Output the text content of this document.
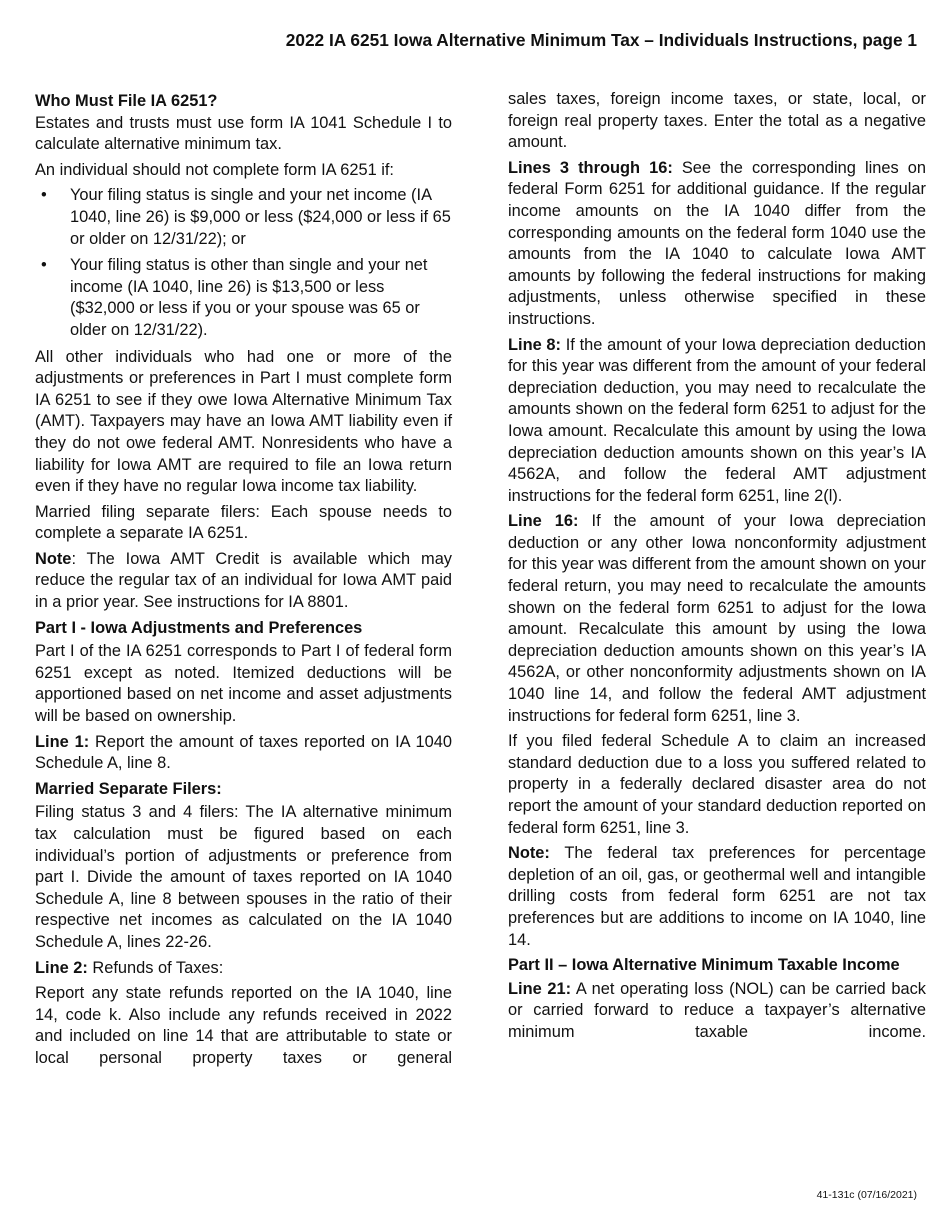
2022 IA 6251 Iowa Alternative Minimum Tax – Individuals Instructions, page 1
Who Must File IA 6251?

Estates and trusts must use form IA 1041 Schedule I to calculate alternative minimum tax.

An individual should not complete form IA 6251 if:

• Your filing status is single and your net income (IA 1040, line 26) is $9,000 or less ($24,000 or less if 65 or older on 12/31/22); or
• Your filing status is other than single and your net income (IA 1040, line 26) is $13,500 or less ($32,000 or less if you or your spouse was 65 or older on 12/31/22).

All other individuals who had one or more of the adjustments or preferences in Part I must complete form IA 6251 to see if they owe Iowa Alternative Minimum Tax (AMT). Taxpayers may have an Iowa AMT liability even if they do not owe federal AMT. Nonresidents who have a liability for Iowa AMT are required to file an Iowa return even if they have no regular Iowa income tax liability.

Married filing separate filers: Each spouse needs to complete a separate IA 6251.

Note: The Iowa AMT Credit is available which may reduce the regular tax of an individual for Iowa AMT paid in a prior year. See instructions for IA 8801.

Part I - Iowa Adjustments and Preferences

Part I of the IA 6251 corresponds to Part I of federal form 6251 except as noted. Itemized deductions will be apportioned based on net income and asset adjustments will be based on ownership.

Line 1: Report the amount of taxes reported on IA 1040 Schedule A, line 8.

Married Separate Filers:

Filing status 3 and 4 filers: The IA alternative minimum tax calculation must be figured based on each individual’s portion of adjustments or preference from part I. Divide the amount of taxes reported on IA 1040 Schedule A, line 8 between spouses in the ratio of their respective net incomes as calculated on the IA 1040 Schedule A, lines 22-26.

Line 2: Refunds of Taxes:

Report any state refunds reported on the IA 1040, line 14, code k. Also include any refunds received in 2022 and included on line 14 that are attributable to state or local personal property taxes or general

sales taxes, foreign income taxes, or state, local, or foreign real property taxes. Enter the total as a negative amount.

Lines 3 through 16: See the corresponding lines on federal Form 6251 for additional guidance. If the regular income amounts on the IA 1040 differ from the corresponding amounts on the federal form 1040 use the amounts from the IA 1040 to calculate Iowa AMT amounts by following the federal instructions for making adjustments, unless otherwise specified in these instructions.

Line 8: If the amount of your Iowa depreciation deduction for this year was different from the amount of your federal depreciation deduction, you may need to recalculate the amounts shown on the federal form 6251 to adjust for the Iowa amount. Recalculate this amount by using the Iowa depreciation deduction amounts shown on this year’s IA 4562A, and follow the federal AMT adjustment instructions for the federal form 6251, line 2(l).

Line 16: If the amount of your Iowa depreciation deduction or any other Iowa nonconformity adjustment for this year was different from the amount shown on your federal return, you may need to recalculate the amounts shown on the federal form 6251 to adjust for the Iowa amount. Recalculate this amount by using the Iowa depreciation deduction amounts shown on this year’s IA 4562A, or other nonconformity adjustments shown on IA 1040 line 14, and follow the federal AMT adjustment instructions for federal form 6251, line 3.

If you filed federal Schedule A to claim an increased standard deduction due to a loss you suffered related to property in a federally declared disaster area do not report the amount of your standard deduction reported on federal form 6251, line 3.

Note: The federal tax preferences for percentage depletion of an oil, gas, or geothermal well and intangible drilling costs from federal form 6251 are not tax preferences but are additions to income on IA 1040, line 14.

Part II – Iowa Alternative Minimum Taxable Income

Line 21: A net operating loss (NOL) can be carried back or carried forward to reduce a taxpayer’s alternative minimum taxable income.

41-131c (07/16/2021)
